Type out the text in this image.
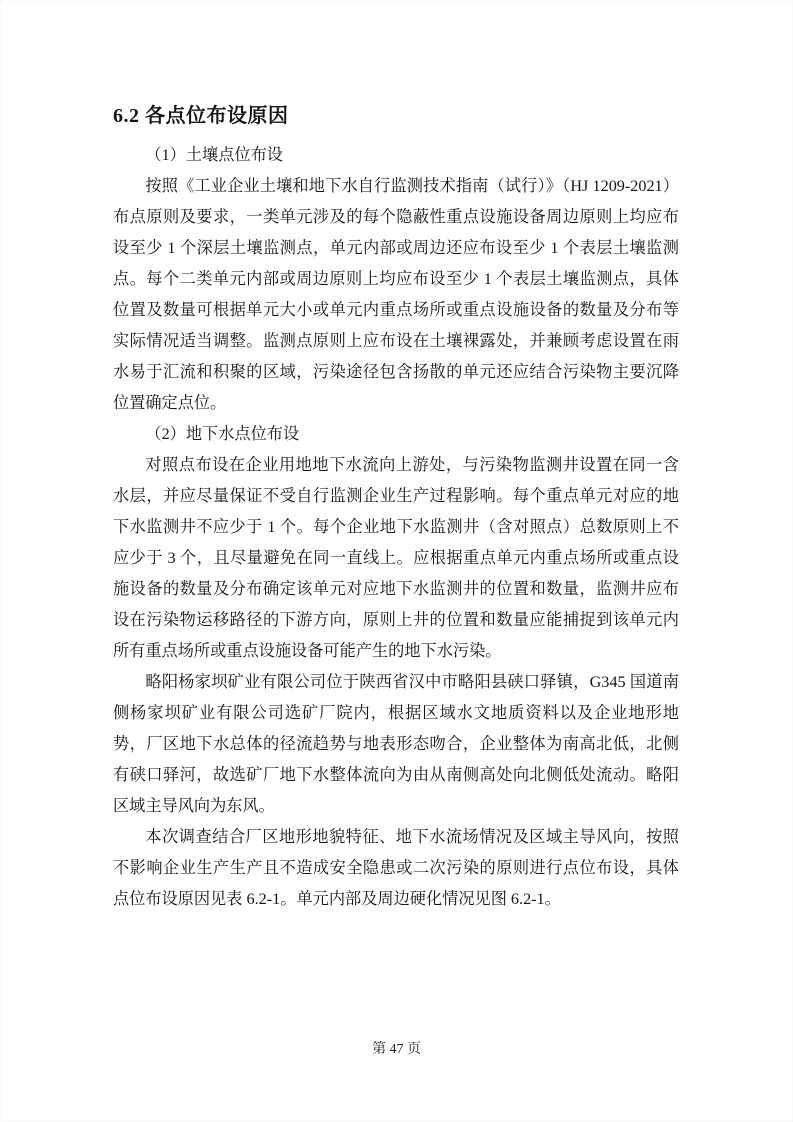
6.2 各点位布设原因

（1）土壤点位布设

按照《工业企业土壤和地下水自行监测技术指南（试行）》（HJ 1209-2021）布点原则及要求，一类单元涉及的每个隐蔽性重点设施设备周边原则上均应布设至少 1 个深层土壤监测点，单元内部或周边还应布设至少 1 个表层土壤监测点。每个二类单元内部或周边原则上均应布设至少 1 个表层土壤监测点，具体位置及数量可根据单元大小或单元内重点场所或重点设施设备的数量及分布等实际情况适当调整。监测点原则上应布设在土壤裸露处，并兼顾考虑设置在雨水易于汇流和积聚的区域，污染途径包含扬散的单元还应结合污染物主要沉降位置确定点位。

（2）地下水点位布设

对照点布设在企业用地地下水流向上游处，与污染物监测井设置在同一含水层，并应尽量保证不受自行监测企业生产过程影响。每个重点单元对应的地下水监测井不应少于 1 个。每个企业地下水监测井（含对照点）总数原则上不应少于 3 个，且尽量避免在同一直线上。应根据重点单元内重点场所或重点设施设备的数量及分布确定该单元对应地下水监测井的位置和数量，监测井应布设在污染物运移路径的下游方向，原则上井的位置和数量应能捕捉到该单元内所有重点场所或重点设施设备可能产生的地下水污染。

略阳杨家坝矿业有限公司位于陕西省汉中市略阳县硖口驿镇，G345 国道南侧杨家坝矿业有限公司选矿厂院内，根据区域水文地质资料以及企业地形地势，厂区地下水总体的径流趋势与地表形态吻合，企业整体为南高北低，北侧有硖口驿河，故选矿厂地下水整体流向为由从南侧高处向北侧低处流动。略阳区域主导风向为东风。

本次调查结合厂区地形地貌特征、地下水流场情况及区域主导风向，按照不影响企业生产生产且不造成安全隐患或二次污染的原则进行点位布设，具体点位布设原因见表 6.2-1。单元内部及周边硬化情况见图 6.2-1。

第 47 页
